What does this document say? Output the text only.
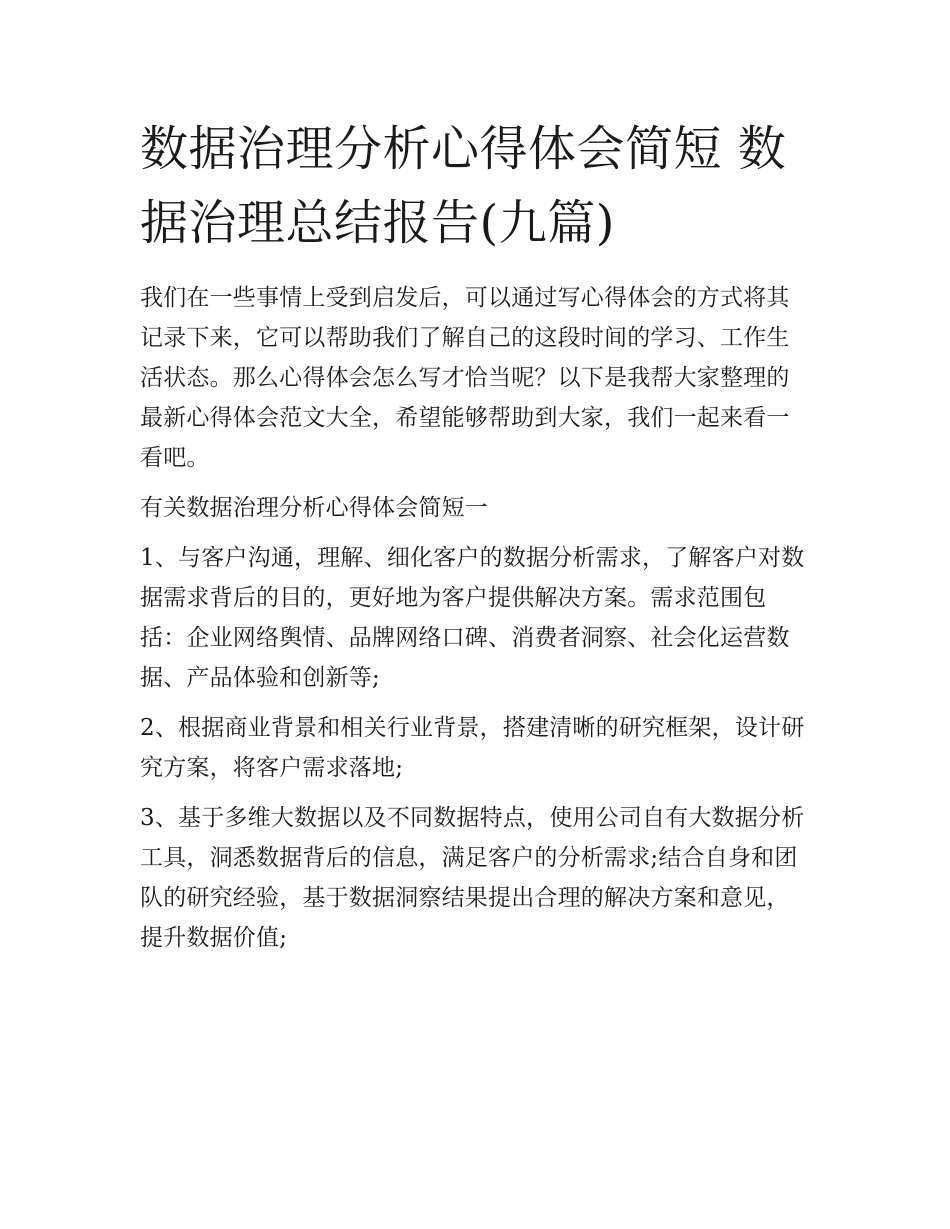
数据治理分析心得体会简短 数据治理总结报告(九篇)

我们在一些事情上受到启发后，可以通过写心得体会的方式将其记录下来，它可以帮助我们了解自己的这段时间的学习、工作生活状态。那么心得体会怎么写才恰当呢？以下是我帮大家整理的最新心得体会范文大全，希望能够帮助到大家，我们一起来看一看吧。

有关数据治理分析心得体会简短一

1、与客户沟通，理解、细化客户的数据分析需求，了解客户对数据需求背后的目的，更好地为客户提供解决方案。需求范围包括：企业网络舆情、品牌网络口碑、消费者洞察、社会化运营数据、产品体验和创新等;

2、根据商业背景和相关行业背景，搭建清晰的研究框架，设计研究方案，将客户需求落地;

3、基于多维大数据以及不同数据特点，使用公司自有大数据分析工具，洞悉数据背后的信息，满足客户的分析需求;结合自身和团队的研究经验，基于数据洞察结果提出合理的解决方案和意见，提升数据价值;
